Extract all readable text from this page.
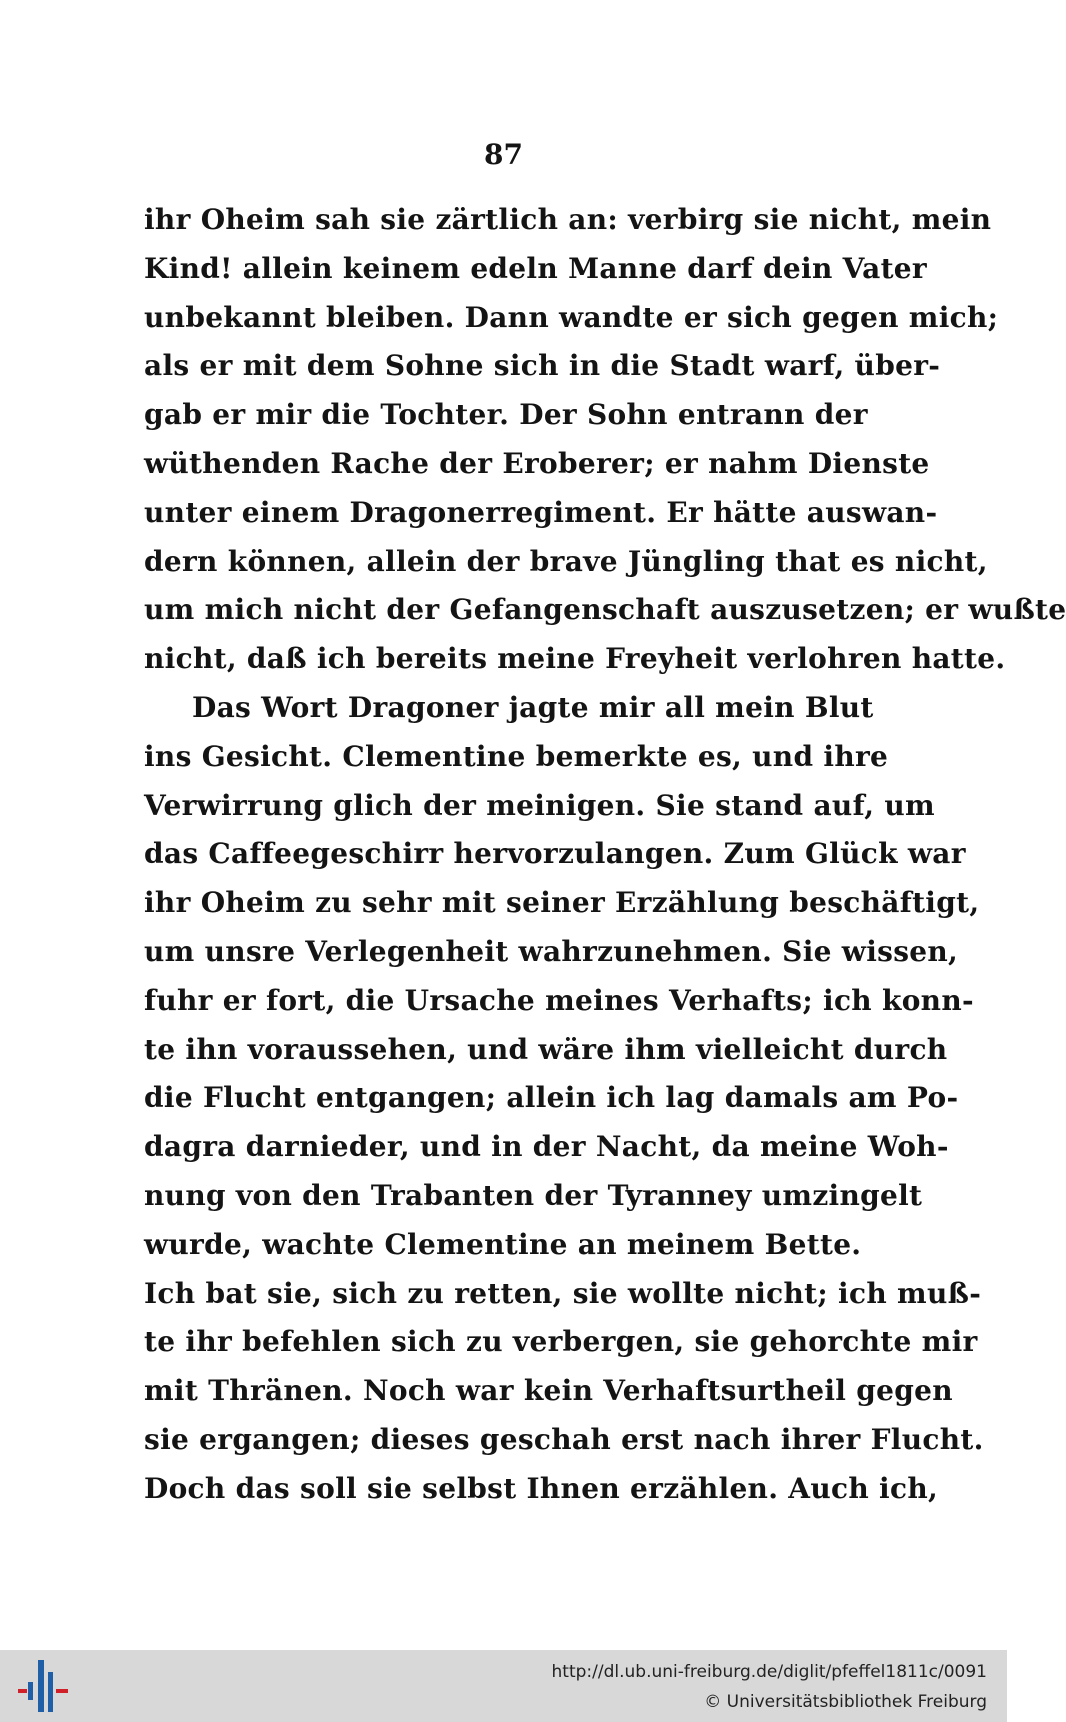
87
ihr Oheim sah sie zärtlich an: verbirg sie nicht, mein
Kind! allein keinem edeln Manne darf dein Vater
unbekannt bleiben. Dann wandte er sich gegen mich;
als er mit dem Sohne sich in die Stadt warf, über-
gab er mir die Tochter. Der Sohn entrann der
wüthenden Rache der Eroberer; er nahm Dienste
unter einem Dragonerregiment. Er hätte auswan-
dern können, allein der brave Jüngling that es nicht,
um mich nicht der Gefangenschaft auszusetzen; er wußte
nicht, daß ich bereits meine Freyheit verlohren hatte.
Das Wort Dragoner jagte mir all mein Blut
ins Gesicht. Clementine bemerkte es, und ihre
Verwirrung glich der meinigen. Sie stand auf, um
das Caffeegeschirr hervorzulangen. Zum Glück war
ihr Oheim zu sehr mit seiner Erzählung beschäftigt,
um unsre Verlegenheit wahrzunehmen. Sie wissen,
fuhr er fort, die Ursache meines Verhafts; ich konn-
te ihn voraussehen, und wäre ihm vielleicht durch
die Flucht entgangen; allein ich lag damals am Po-
dagra darnieder, und in der Nacht, da meine Woh-
nung von den Trabanten der Tyranney umzingelt
wurde, wachte Clementine an meinem Bette.
Ich bat sie, sich zu retten, sie wollte nicht; ich muß-
te ihr befehlen sich zu verbergen, sie gehorchte mir
mit Thränen. Noch war kein Verhaftsurtheil gegen
sie ergangen; dieses geschah erst nach ihrer Flucht.
Doch das soll sie selbst Ihnen erzählen. Auch ich,
http://dl.ub.uni-freiburg.de/diglit/pfeffel1811c/0091
© Universitätsbibliothek Freiburg
